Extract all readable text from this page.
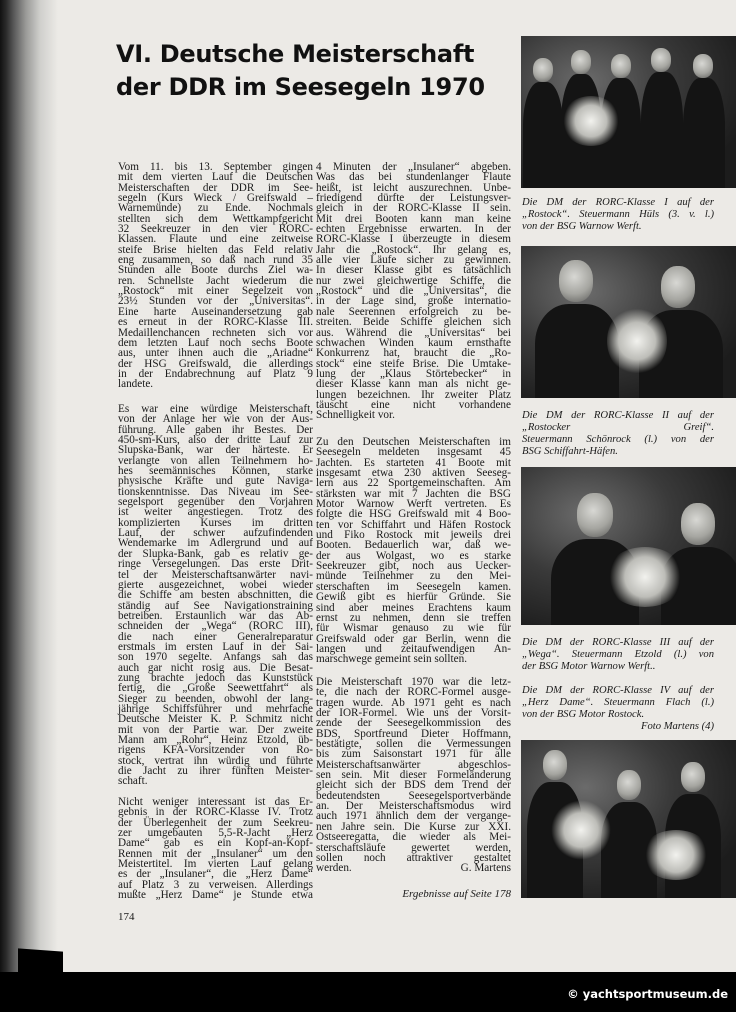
VI. Deutsche Meisterschaft
der DDR im Seesegeln 1970
Vom 11. bis 13. September gingen
mit dem vierten Lauf die Deutschen
Meisterschaften der DDR im See-
segeln (Kurs Wieck / Greifswald –
Warnemünde) zu Ende. Nochmals
stellten sich dem Wettkampfgericht
32 Seekreuzer in den vier RORC-
Klassen. Flaute und eine zeitweise
steife Brise hielten das Feld relativ
eng zusammen, so daß nach rund 35
Stunden alle Boote durchs Ziel wa-
ren. Schnellste Jacht wiederum die
„Rostock“ mit einer Segelzeit von
23½ Stunden vor der „Universitas“.
Eine harte Auseinandersetzung gab
es erneut in der RORC-Klasse III.
Medaillenchancen rechneten sich vor
dem letzten Lauf noch sechs Boote
aus, unter ihnen auch die „Ariadne“
der HSG Greifswald, die allerdings
in der Endabrechnung auf Platz 9
landete.
Es war eine würdige Meisterschaft,
von der Anlage her wie von der Aus-
führung. Alle gaben ihr Bestes. Der
450-sm-Kurs, also der dritte Lauf zur
Slupska-Bank, war der härteste. Er
verlangte von allen Teilnehmern ho-
hes seemännisches Können, starke
physische Kräfte und gute Naviga-
tionskenntnisse. Das Niveau im See-
segelsport gegenüber den Vorjahren
ist weiter angestiegen. Trotz des
komplizierten Kurses im dritten
Lauf, der schwer aufzufindenden
Wendemarke im Adlergrund und auf
der Slupka-Bank, gab es relativ ge-
ringe Versegelungen. Das erste Drit-
tel der Meisterschaftsanwärter navi-
gierte ausgezeichnet, wobei wieder
die Schiffe am besten abschnitten, die
ständig auf See Navigationstraining
betreiben. Erstaunlich war das Ab-
schneiden der „Wega“ (RORC III),
die nach einer Generalreparatur
erstmals im ersten Lauf in der Sai-
son 1970 segelte. Anfangs sah das
auch gar nicht rosig aus. Die Besat-
zung brachte jedoch das Kunststück
fertig, die „Große Seewettfahrt“ als
Sieger zu beenden, obwohl der lang-
jährige Schiffsführer und mehrfache
Deutsche Meister K. P. Schmitz nicht
mit von der Partie war. Der zweite
Mann am „Rohr“, Heinz Etzold, üb-
rigens KFA-Vorsitzender von Ro-
stock, vertrat ihn würdig und führte
die Jacht zu ihrer fünften Meister-
schaft.
Nicht weniger interessant ist das Er-
gebnis in der RORC-Klasse IV. Trotz
der Überlegenheit der zum Seekreu-
zer umgebauten 5,5-R-Jacht „Herz
Dame“ gab es ein Kopf-an-Kopf-
Rennen mit der „Insulaner“ um den
Meistertitel. Im vierten Lauf gelang
es der „Insulaner“, die „Herz Dame“
auf Platz 3 zu verweisen. Allerdings
mußte „Herz Dame“ je Stunde etwa
174
4 Minuten der „Insulaner“ abgeben.
Was das bei stundenlanger Flaute
heißt, ist leicht auszurechnen. Unbe-
friedigend dürfte der Leistungsver-
gleich in der RORC-Klasse II sein.
Mit drei Booten kann man keine
echten Ergebnisse erwarten. In der
RORC-Klasse I überzeugte in diesem
Jahr die „Rostock“. Ihr gelang es,
alle vier Läufe sicher zu gewinnen.
In dieser Klasse gibt es tatsächlich
nur zwei gleichwertige Schiffe, die
„Rostock“ und die „Universitas“, die
in der Lage sind, große internatio-
nale Seerennen erfolgreich zu be-
streiten. Beide Schiffe gleichen sich
aus. Während die „Universitas“ bei
schwachen Winden kaum ernsthafte
Konkurrenz hat, braucht die „Ro-
stock“ eine steife Brise. Die Umtake-
lung der „Klaus Störtebecker“ in
dieser Klasse kann man als nicht ge-
lungen bezeichnen. Ihr zweiter Platz
täuscht eine nicht vorhandene
Schnelligkeit vor.
Zu den Deutschen Meisterschaften im
Seesegeln meldeten insgesamt 45
Jachten. Es starteten 41 Boote mit
insgesamt etwa 230 aktiven Seeseg-
lern aus 22 Sportgemeinschaften. Am
stärksten war mit 7 Jachten die BSG
Motor Warnow Werft vertreten. Es
folgte die HSG Greifswald mit 4 Boo-
ten vor Schiffahrt und Häfen Rostock
und Fiko Rostock mit jeweils drei
Booten. Bedauerlich war, daß we-
der aus Wolgast, wo es starke
Seekreuzer gibt, noch aus Uecker-
münde Teilnehmer zu den Mei-
sterschaften im Seesegeln kamen.
Gewiß gibt es hierfür Gründe. Sie
sind aber meines Erachtens kaum
ernst zu nehmen, denn sie treffen
für Wismar genauso zu wie für
Greifswald oder gar Berlin, wenn die
langen und zeitaufwendigen An-
marschwege gemeint sein sollten.
Die Meisterschaft 1970 war die letz-
te, die nach der RORC-Formel ausge-
tragen wurde. Ab 1971 geht es nach
der IOR-Formel. Wie uns der Vorsit-
zende der Seesegelkommission des
BDS, Sportfreund Dieter Hoffmann,
bestätigte, sollen die Vermessungen
bis zum Saisonstart 1971 für alle
Meisterschaftsanwärter abgeschlos-
sen sein. Mit dieser Formeländerung
gleicht sich der BDS dem Trend der
bedeutendsten Seesegelsportverbände
an. Der Meisterschaftsmodus wird
auch 1971 ähnlich dem der vergange-
nen Jahre sein. Die Kurse zur XXI.
Ostseeregatta, die wieder als Mei-
sterschaftsläufe gewertet werden,
sollen noch attraktiver gestaltet
werden.	G. Martens
Ergebnisse auf Seite 178
Die DM der RORC-Klasse I auf der
„Rostock“. Steuermann Hüls (3. v. l.)
von der BSG Warnow Werft.
Die DM der RORC-Klasse II auf der
„Rostocker Greif“.
Steuermann Schönrock (l.) von der
BSG Schiffahrt-Häfen.
Die DM der RORC-Klasse III auf der
„Wega“. Steuermann Etzold (l.) von
der BSG Motor Warnow Werft..
Die DM der RORC-Klasse IV auf der
„Herz Dame“. Steuermann Flach (l.)
von der BSG Motor Rostock.
Foto Martens (4)
© yachtsportmuseum.de
